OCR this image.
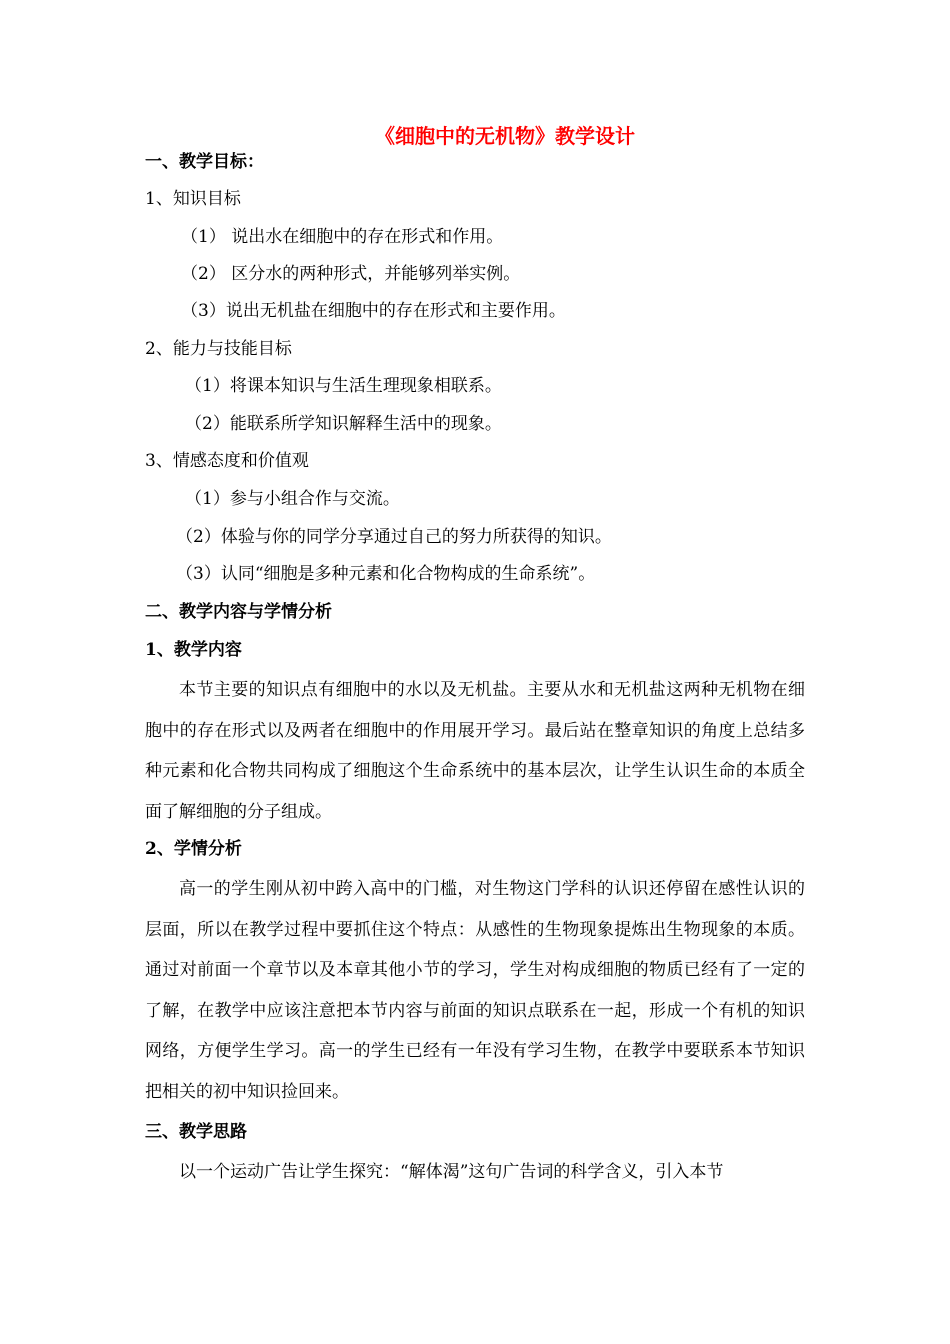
《细胞中的无机物》教学设计
一、教学目标：
1、知识目标
（1） 说出水在细胞中的存在形式和作用。
（2） 区分水的两种形式，并能够列举实例。
（3）说出无机盐在细胞中的存在形式和主要作用。
2、能力与技能目标
（1）将课本知识与生活生理现象相联系。
（2）能联系所学知识解释生活中的现象。
3、情感态度和价值观
（1）参与小组合作与交流。
（2）体验与你的同学分享通过自己的努力所获得的知识。
（3）认同“细胞是多种元素和化合物构成的生命系统”。
二、教学内容与学情分析
1、教学内容
本节主要的知识点有细胞中的水以及无机盐。主要从水和无机盐这两种无机物在细胞中的存在形式以及两者在细胞中的作用展开学习。最后站在整章知识的角度上总结多种元素和化合物共同构成了细胞这个生命系统中的基本层次，让学生认识生命的本质全面了解细胞的分子组成。
2、学情分析
高一的学生刚从初中跨入高中的门槛，对生物这门学科的认识还停留在感性认识的层面，所以在教学过程中要抓住这个特点：从感性的生物现象提炼出生物现象的本质。通过对前面一个章节以及本章其他小节的学习，学生对构成细胞的物质已经有了一定的了解，在教学中应该注意把本节内容与前面的知识点联系在一起，形成一个有机的知识网络，方便学生学习。高一的学生已经有一年没有学习生物，在教学中要联系本节知识把相关的初中知识捡回来。
三、教学思路
以一个运动广告让学生探究：“解体渴”这句广告词的科学含义，引入本节
